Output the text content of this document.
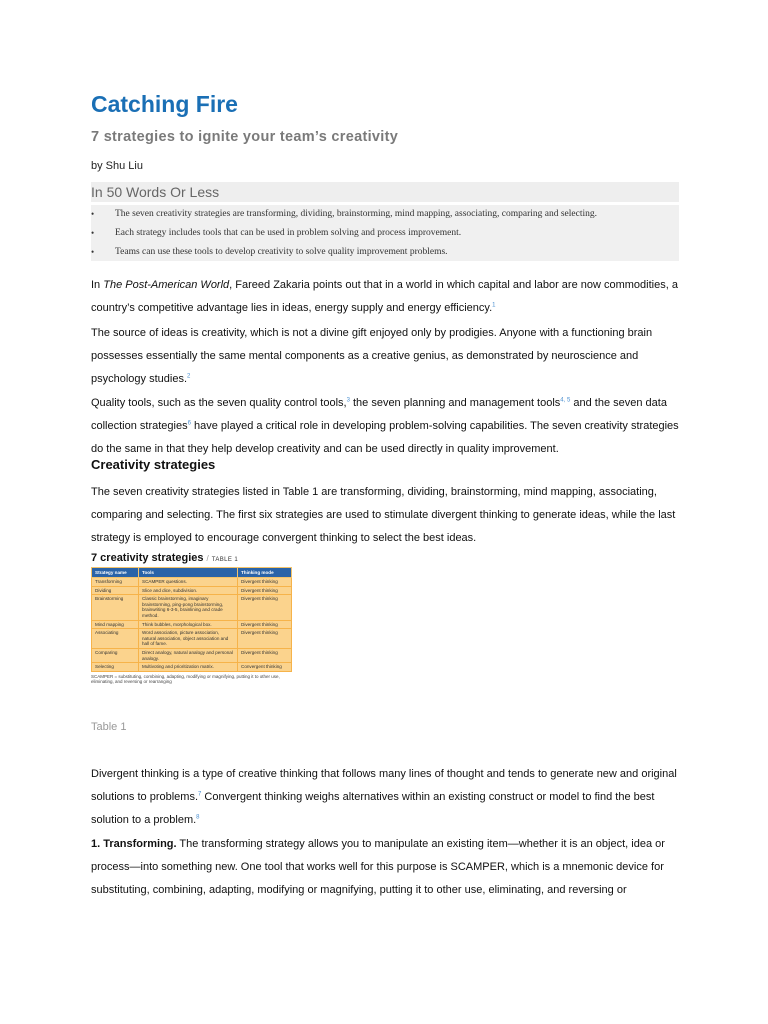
Catching Fire
7 strategies to ignite your team’s creativity
by Shu Liu
In 50 Words Or Less
• The seven creativity strategies are transforming, dividing, brainstorming, mind mapping, associating, comparing and selecting.
• Each strategy includes tools that can be used in problem solving and process improvement.
• Teams can use these tools to develop creativity to solve quality improvement problems.

In The Post-American World, Fareed Zakaria points out that in a world in which capital and labor are now commodities, a country’s competitive advantage lies in ideas, energy supply and energy efficiency.$^1$

The source of ideas is creativity, which is not a divine gift enjoyed only by prodigies. Anyone with a functioning brain possesses essentially the same mental components as a creative genius, as demonstrated by neuroscience and psychology studies.$^2$

Quality tools, such as the seven quality control tools,$^3$ the seven planning and management tools$^{4, 5}$ and the seven data collection strategies$^6$ have played a critical role in developing problem-solving capabilities. The seven creativity strategies do the same in that they help develop creativity and can be used directly in quality improvement.

Creativity strategies

The seven creativity strategies listed in Table 1 are transforming, dividing, brainstorming, mind mapping, associating, comparing and selecting. The first six strategies are used to stimulate divergent thinking to generate ideas, while the last strategy is employed to encourage convergent thinking to select the best ideas.

7 creativity strategies / TABLE 1
Strategy name	Tools	Thinking mode
Transforming	SCAMPER questions.	Divergent thinking
Dividing	Slice and dice, subdivision.	Divergent thinking
Brainstorming	Classic brainstorming, imaginary brainstorming, ping-pong brainstorming, brainwriting 6-3-5, brainlining and crade method.	Divergent thinking
Mind mapping	Think bubbles, morphological box.	Divergent thinking
Associating	Word association, picture association, natural association, object association and hall of fame.	Divergent thinking
Comparing	Direct analogy, natural analogy and personal analogy.	Divergent thinking
Selecting	Multivoting and prioritization matrix.	Convergent thinking
SCAMPER = substituting, combining, adapting, modifying or magnifying, putting it to other use, eliminating, and reversing or rearranging
Table 1

Divergent thinking is a type of creative thinking that follows many lines of thought and tends to generate new and original solutions to problems.$^7$ Convergent thinking weighs alternatives within an existing construct or model to find the best solution to a problem.$^8$

1. Transforming. The transforming strategy allows you to manipulate an existing item—whether it is an object, idea or process—into something new. One tool that works well for this purpose is SCAMPER, which is a mnemonic device for substituting, combining, adapting, modifying or magnifying, putting it to other use, eliminating, and reversing or
